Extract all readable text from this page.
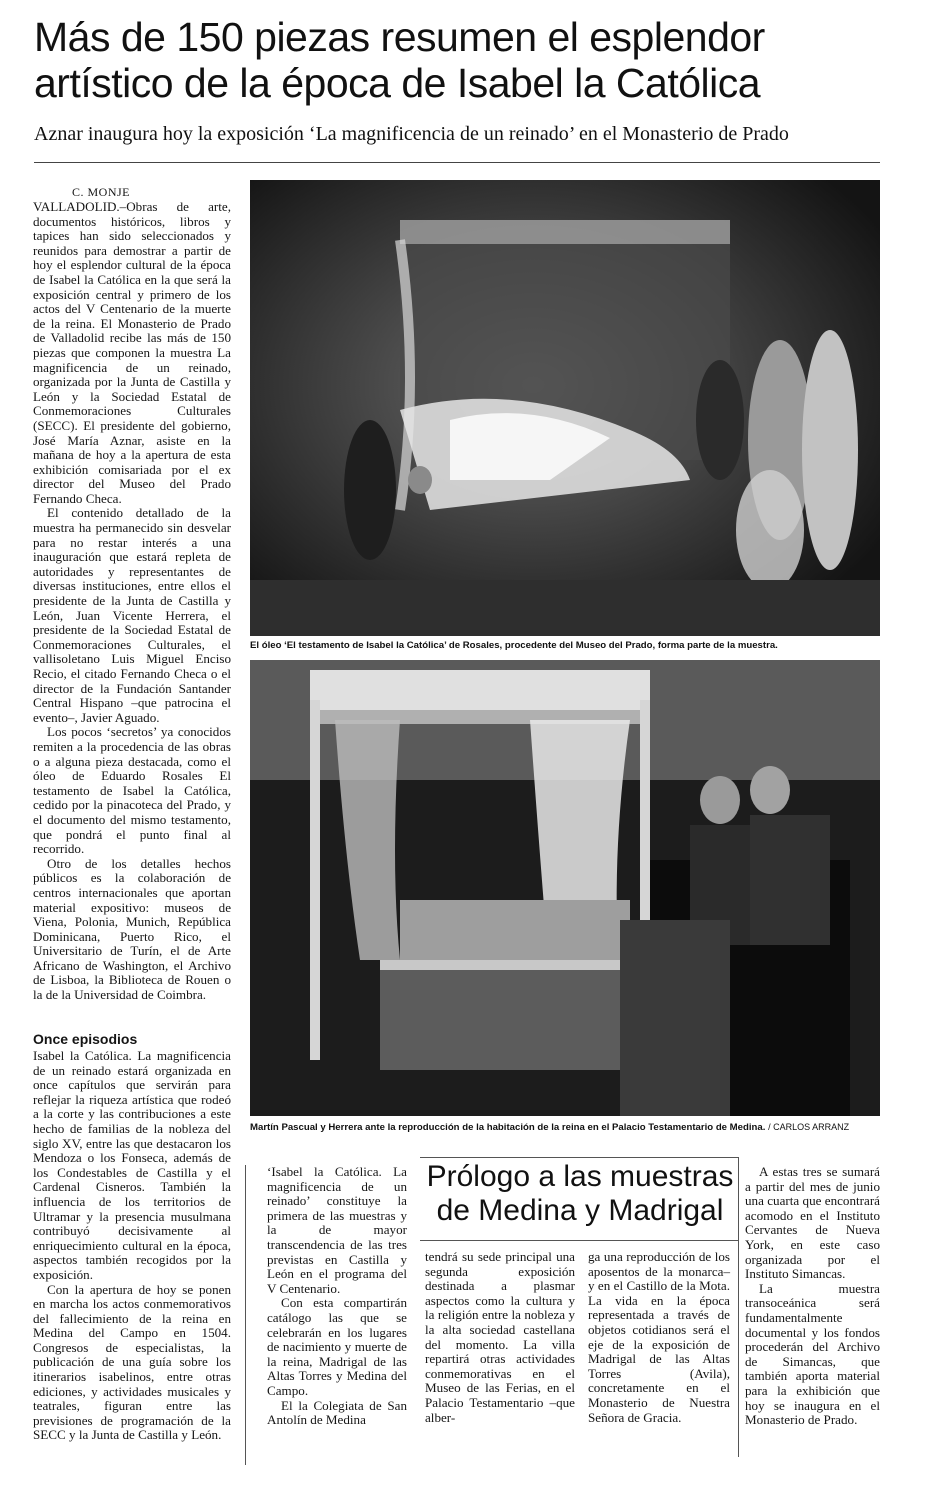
Más de 150 piezas resumen el esplendor
artístico de la época de Isabel la Católica
Aznar inaugura hoy la exposición ‘La magnificencia de un reinado’ en el Monasterio de Prado
C. MONJE

VALLADOLID.–Obras de arte, documentos históricos, libros y tapices han sido seleccionados y reunidos para demostrar a partir de hoy el esplendor cultural de la época de Isabel la Católica en la que será la exposición central y primero de los actos del V Centenario de la muerte de la reina. El Monasterio de Prado de Valladolid recibe las más de 150 piezas que componen la muestra La magnificencia de un reinado, organizada por la Junta de Castilla y León y la Sociedad Estatal de Conmemoraciones Culturales (SECC). El presidente del gobierno, José María Aznar, asiste en la mañana de hoy a la apertura de esta exhibición comisariada por el ex director del Museo del Prado Fernando Checa.

El contenido detallado de la muestra ha permanecido sin desvelar para no restar interés a una inauguración que estará repleta de autoridades y representantes de diversas instituciones, entre ellos el presidente de la Junta de Castilla y León, Juan Vicente Herrera, el presidente de la Sociedad Estatal de Conmemoraciones Culturales, el vallisoletano Luis Miguel Enciso Recio, el citado Fernando Checa o el director de la Fundación Santander Central Hispano –que patrocina el evento–, Javier Aguado.

Los pocos ‘secretos’ ya conocidos remiten a la procedencia de las obras o a alguna pieza destacada, como el óleo de Eduardo Rosales El testamento de Isabel la Católica, cedido por la pinacoteca del Prado, y el documento del mismo testamento, que pondrá el punto final al recorrido.

Otro de los detalles hechos públicos es la colaboración de centros internacionales que aportan material expositivo: museos de Viena, Polonia, Munich, República Dominicana, Puerto Rico, el Universitario de Turín, el de Arte Africano de Washington, el Archivo de Lisboa, la Biblioteca de Rouen o la de la Universidad de Coimbra.

Once episodios

Isabel la Católica. La magnificencia de un reinado estará organizada en once capítulos que servirán para reflejar la riqueza artística que rodeó a la corte y las contribuciones a este hecho de familias de la nobleza del siglo XV, entre las que destacaron los Mendoza o los Fonseca, además de los Condestables de Castilla y el Cardenal Cisneros. También la influencia de los territorios de Ultramar y la presencia musulmana contribuyó decisivamente al enriquecimiento cultural en la época, aspectos también recogidos por la exposición.

Con la apertura de hoy se ponen en marcha los actos conmemorativos del fallecimiento de la reina en Medina del Campo en 1504. Congresos de especialistas, la publicación de una guía sobre los itinerarios isabelinos, entre otras ediciones, y actividades musicales y teatrales, figuran entre las previsiones de programación de la SECC y la Junta de Castilla y León.

El óleo ‘El testamento de Isabel la Católica’ de Rosales, procedente del Museo del Prado, forma parte de la muestra.
Martín Pascual y Herrera ante la reproducción de la habitación de la reina en el Palacio Testamentario de Medina. / CARLOS ARRANZ

‘Isabel la Católica. La magnificencia de un reinado’ constituye la primera de las muestras y la de mayor transcendencia de las tres previstas en Castilla y León en el programa del V Centenario.

Con esta compartirán catálogo las que se celebrarán en los lugares de nacimiento y muerte de la reina, Madrigal de las Altas Torres y Medina del Campo.

El la Colegiata de San Antolín de Medina

Prólogo a las muestras de Medina y Madrigal

tendrá su sede principal una segunda exposición destinada a plasmar aspectos como la cultura y la religión entre la nobleza y la alta sociedad castellana del momento. La villa repartirá otras actividades conmemorativas en el Museo de las Ferias, en el Palacio Testamentario –que alber-

ga una reproducción de los aposentos de la monarca– y en el Castillo de la Mota. La vida en la época representada a través de objetos cotidianos será el eje de la exposición de Madrigal de las Altas Torres (Avila), concretamente en el Monasterio de Nuestra Señora de Gracia.

A estas tres se sumará a partir del mes de junio una cuarta que encontrará acomodo en el Instituto Cervantes de Nueva York, en este caso organizada por el Instituto Simancas.

La muestra transoceánica será fundamentalmente documental y los fondos procederán del Archivo de Simancas, que también aporta material para la exhibición que hoy se inaugura en el Monasterio de Prado.
